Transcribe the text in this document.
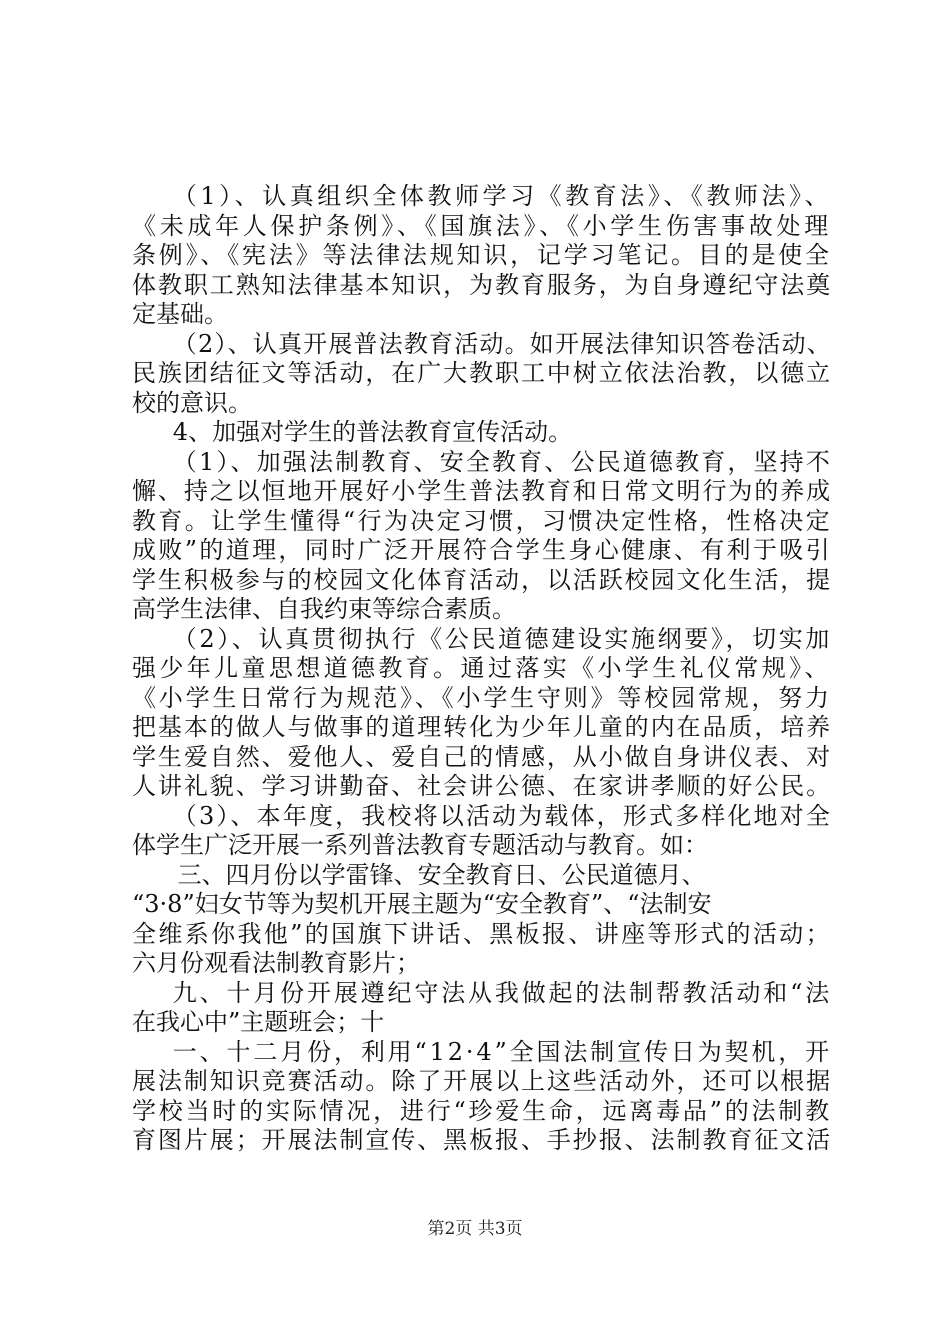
（1）、认真组织全体教师学习《教育法》、《教师法》、
《未成年人保护条例》、《国旗法》、《小学生伤害事故处理
条例》、《宪法》等法律法规知识，记学习笔记。目的是使全
体教职工熟知法律基本知识，为教育服务，为自身遵纪守法奠
定基础。
（2）、认真开展普法教育活动。如开展法律知识答卷活动、
民族团结征文等活动，在广大教职工中树立依法治教，以德立
校的意识。
4、加强对学生的普法教育宣传活动。
（1）、加强法制教育、安全教育、公民道德教育，坚持不
懈、持之以恒地开展好小学生普法教育和日常文明行为的养成
教育。让学生懂得“行为决定习惯，习惯决定性格，性格决定
成败”的道理，同时广泛开展符合学生身心健康、有利于吸引
学生积极参与的校园文化体育活动，以活跃校园文化生活，提
高学生法律、自我约束等综合素质。
（2）、认真贯彻执行《公民道德建设实施纲要》，切实加
强少年儿童思想道德教育。通过落实《小学生礼仪常规》、
《小学生日常行为规范》、《小学生守则》等校园常规，努力
把基本的做人与做事的道理转化为少年儿童的内在品质，培养
学生爱自然、爱他人、爱自己的情感，从小做自身讲仪表、对
人讲礼貌、学习讲勤奋、社会讲公德、在家讲孝顺的好公民。
（3）、本年度，我校将以活动为载体，形式多样化地对全
体学生广泛开展一系列普法教育专题活动与教育。如：
三、四月份以学雷锋、安全教育日、公民道德月、
“3·8”妇女节等为契机开展主题为“安全教育”、“法制安
全维系你我他”的国旗下讲话、黑板报、讲座等形式的活动；
六月份观看法制教育影片；
九、十月份开展遵纪守法从我做起的法制帮教活动和“法
在我心中”主题班会；十
一、十二月份，利用“12·4”全国法制宣传日为契机，开
展法制知识竞赛活动。除了开展以上这些活动外，还可以根据
学校当时的实际情况，进行“珍爱生命，远离毒品”的法制教
育图片展；开展法制宣传、黑板报、手抄报、法制教育征文活
第2页 共3页
